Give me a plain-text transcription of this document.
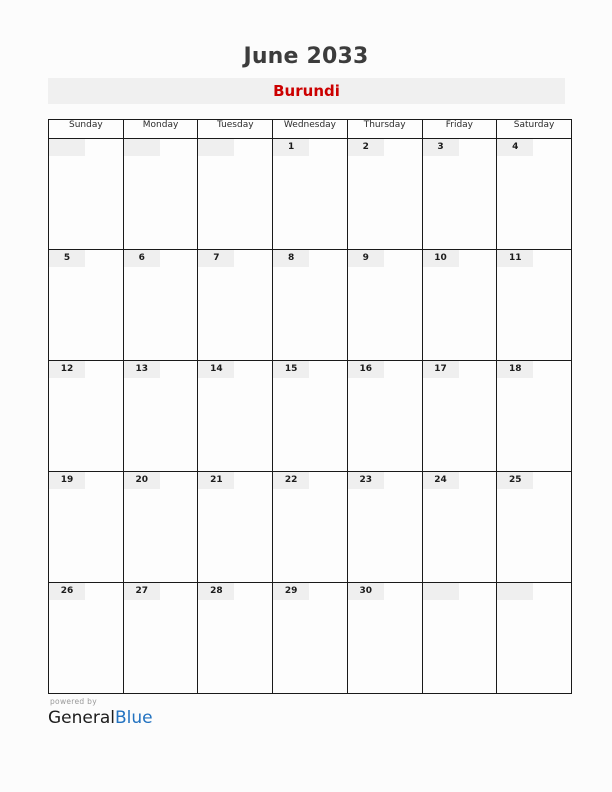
June 2033
Burundi
Sunday	Monday	Tuesday	Wednesday	Thursday	Friday	Saturday

			1	2	3	4

5	6	7	8	9	10	11

12	13	14	15	16	17	18

19	20	21	22	23	24	25

26	27	28	29	30		

powered by
GeneralBlue
